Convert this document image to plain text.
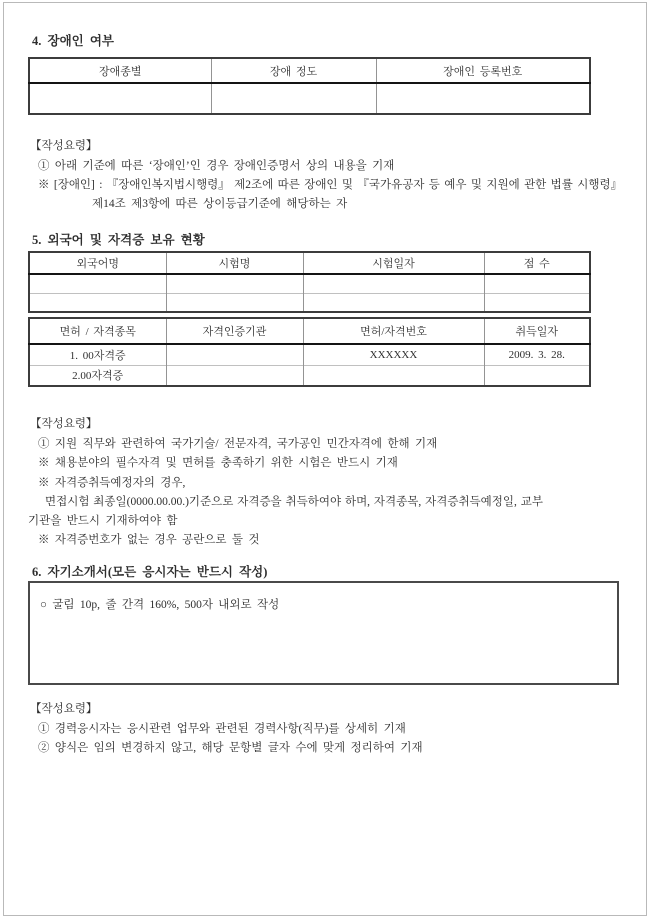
4. 장애인 여부
장애종별	장애 정도	장애인 등록번호

【작성요령】
① 아래 기준에 따른 ‘장애인’인 경우 장애인증명서 상의 내용을 기재
※ [장애인] : 『장애인복지법시행령』 제2조에 따른 장애인 및 『국가유공자 등 예우 및 지원에 관한 법률 시행령』
제14조 제3항에 따른 상이등급기준에 해당하는 자
5. 외국어 및 자격증 보유 현황
외국어명	시험명	시험일자	점 수

면허 / 자격종목	자격인증기관	면허/자격번호	취득일자
1. 00자격증		XXXXXX	2009. 3. 28.
2.00자격증			
【작성요령】
① 지원 직무와 관련하여 국가기술/ 전문자격, 국가공인 민간자격에 한해 기재
※ 채용분야의 필수자격 및 면허를 충족하기 위한 시험은 반드시 기재
※ 자격증취득예정자의 경우,
면접시험 최종일(0000.00.00.)기준으로 자격증을 취득하여야 하며, 자격종목, 자격증취득예정일, 교부
기관을 반드시 기재하여야 함
※ 자격증번호가 없는 경우 공란으로 둘 것
6. 자기소개서(모든 응시자는 반드시 작성)
○ 굴림 10p, 줄 간격 160%, 500자 내외로 작성
【작성요령】
① 경력응시자는 응시관련 업무와 관련된 경력사항(직무)를 상세히 기재
② 양식은 임의 변경하지 않고, 해당 문항별 글자 수에 맞게 정리하여 기재
